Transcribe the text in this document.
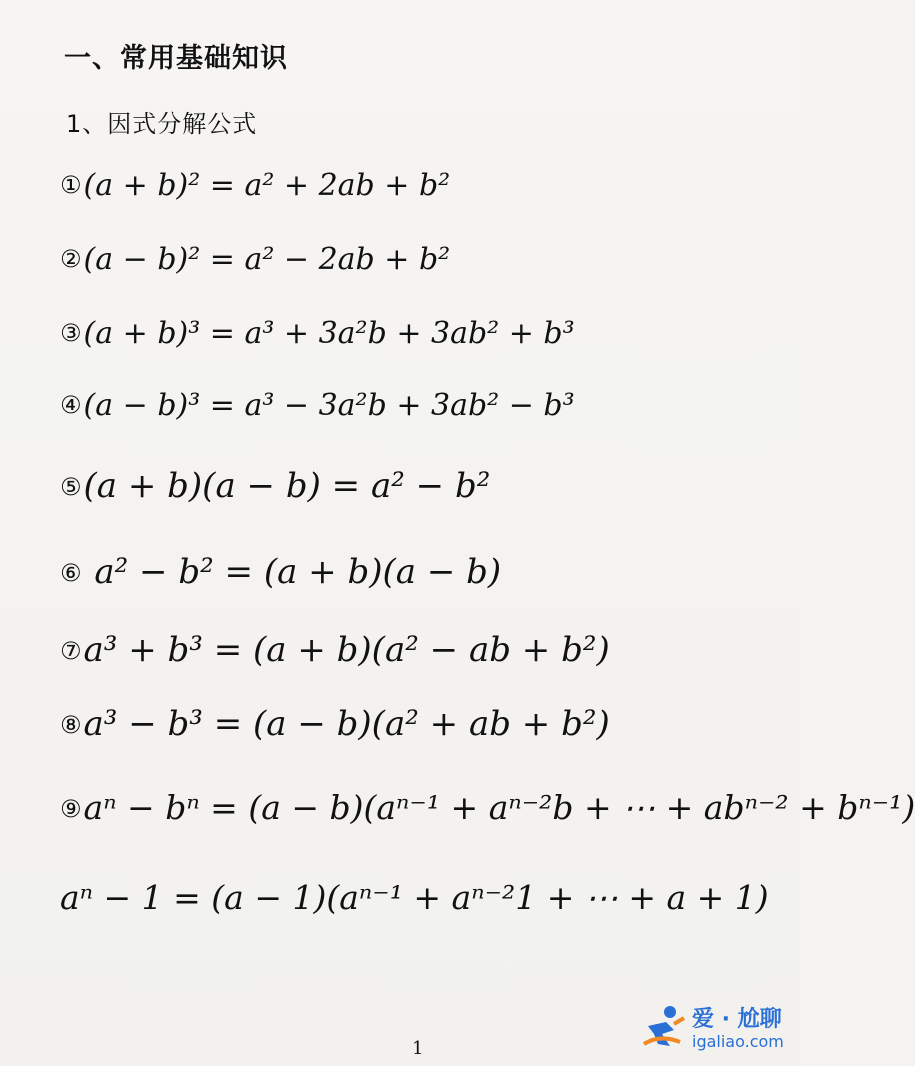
一、常用基础知识
1、因式分解公式
①(a + b)² = a² + 2ab + b²
②(a − b)² = a² − 2ab + b²
③(a + b)³ = a³ + 3a²b + 3ab² + b³
④(a − b)³ = a³ − 3a²b + 3ab² − b³
⑤(a + b)(a − b) = a² − b²
⑥ a² − b² = (a + b)(a − b)
⑦a³ + b³ = (a + b)(a² − ab + b²)
⑧a³ − b³ = (a − b)(a² + ab + b²)
⑨aⁿ − bⁿ = (a − b)(aⁿ⁻¹ + aⁿ⁻²b + ⋯ + abⁿ⁻² + bⁿ⁻¹)
aⁿ − 1 = (a − 1)(aⁿ⁻¹ + aⁿ⁻²1 + ⋯ + a + 1)
1
爱 · 尬聊
igaliao.com
